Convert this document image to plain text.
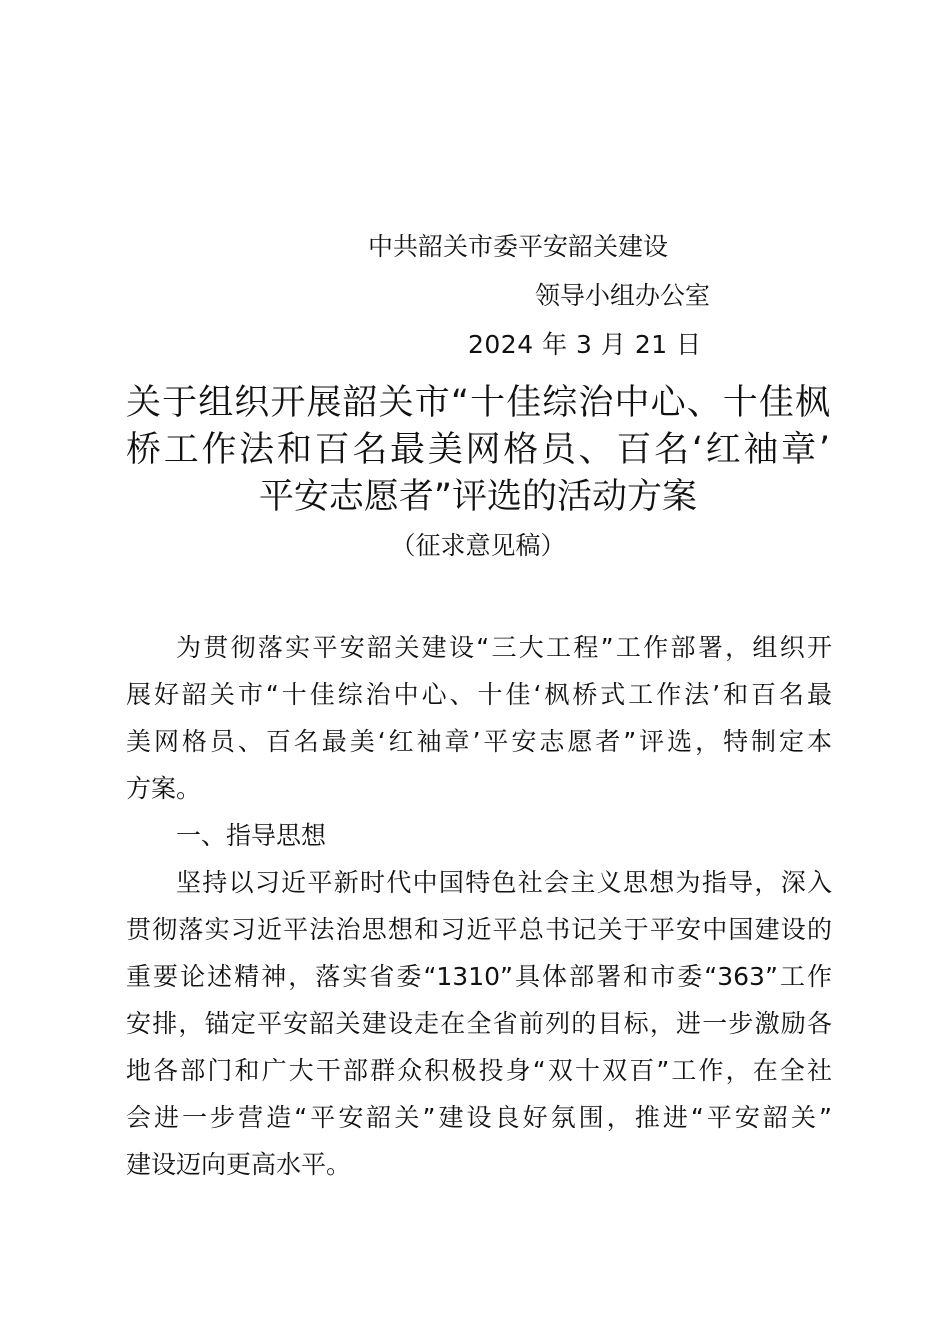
中共韶关市委平安韶关建设
领导小组办公室
2024 年 3 月 21 日
关于组织开展韶关市“十佳综治中心、十佳枫
桥工作法和百名最美网格员、百名‘红袖章’
平安志愿者”评选的活动方案
（征求意见稿）
为贯彻落实平安韶关建设“三大工程”工作部署，组织开
展好韶关市“十佳综治中心、十佳‘枫桥式工作法’和百名最
美网格员、百名最美‘红袖章’平安志愿者”评选，特制定本
方案。
一、指导思想
坚持以习近平新时代中国特色社会主义思想为指导，深入
贯彻落实习近平法治思想和习近平总书记关于平安中国建设的
重要论述精神，落实省委“1310”具体部署和市委“363”工作
安排，锚定平安韶关建设走在全省前列的目标，进一步激励各
地各部门和广大干部群众积极投身“双十双百”工作，在全社
会进一步营造“平安韶关”建设良好氛围，推进“平安韶关”
建设迈向更高水平。
